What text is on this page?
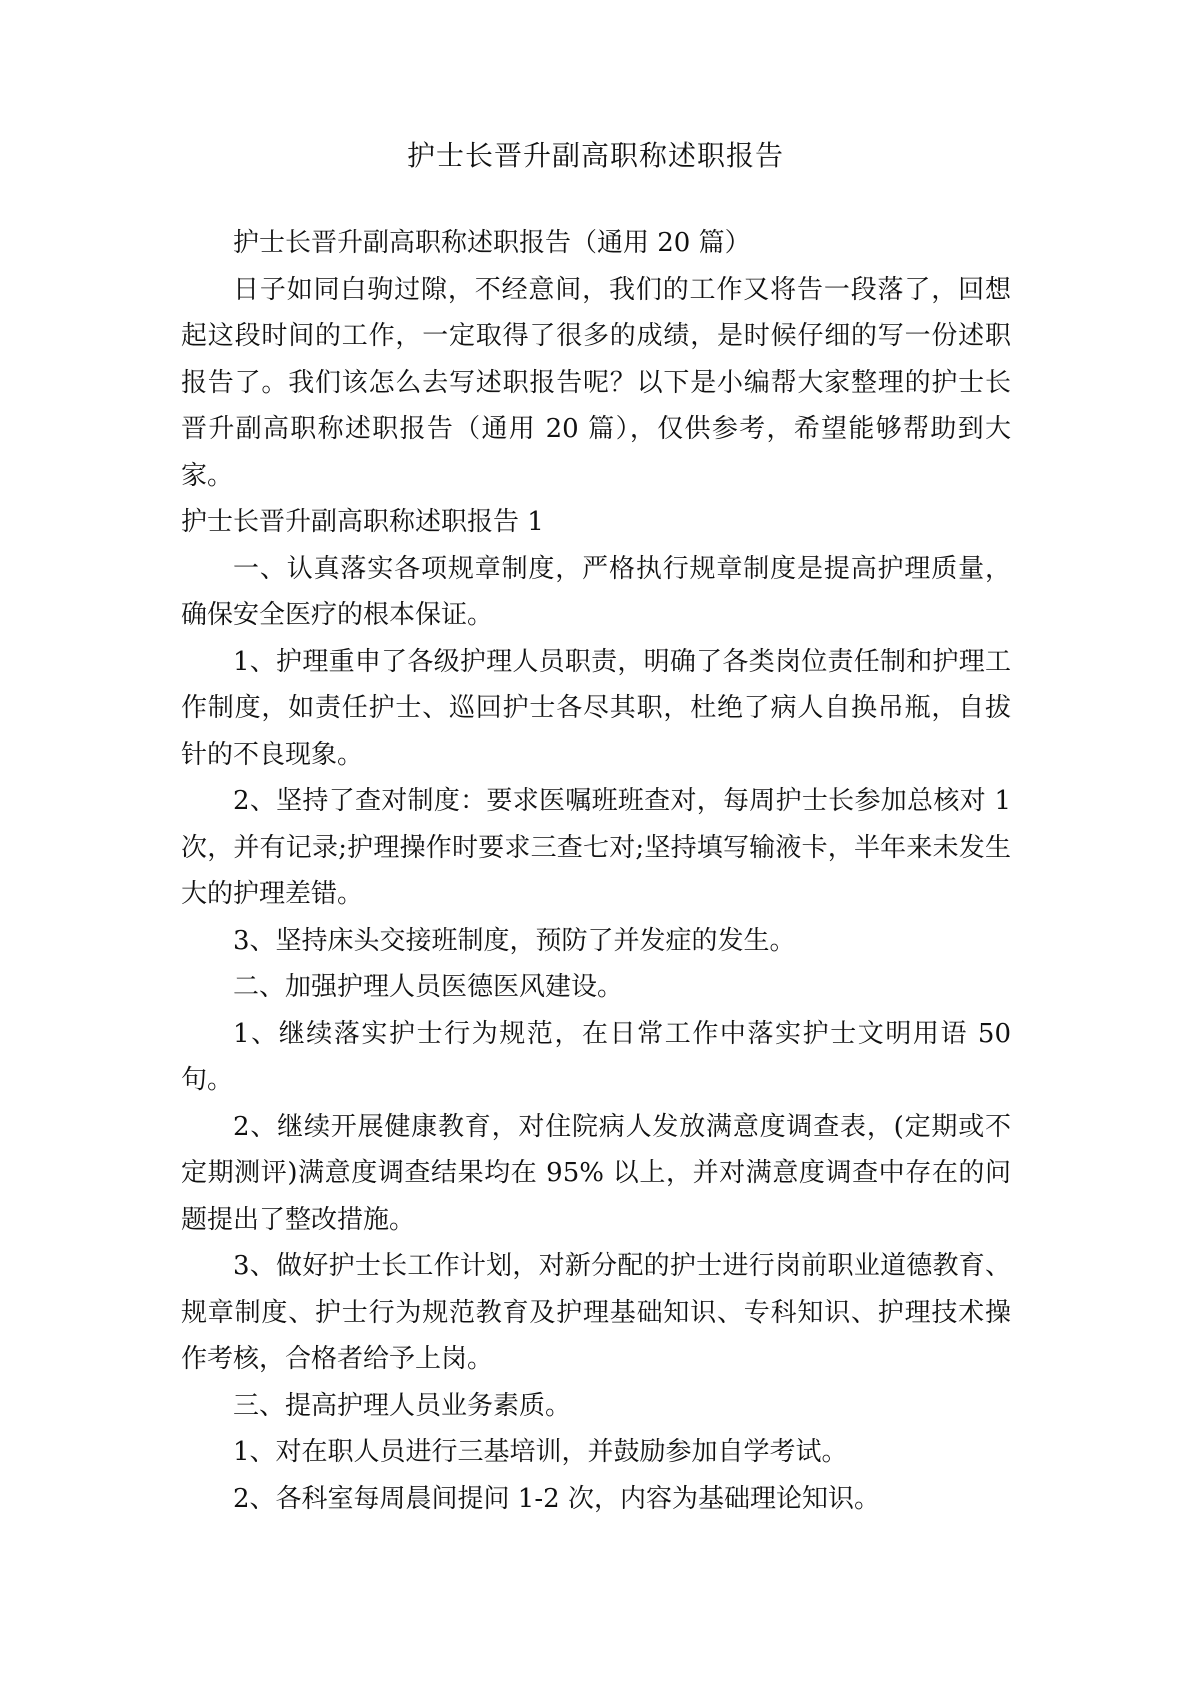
护士长晋升副高职称述职报告

护士长晋升副高职称述职报告（通用 20 篇）

日子如同白驹过隙，不经意间，我们的工作又将告一段落了，回想起这段时间的工作，一定取得了很多的成绩，是时候仔细的写一份述职报告了。我们该怎么去写述职报告呢？以下是小编帮大家整理的护士长晋升副高职称述职报告（通用 20 篇），仅供参考，希望能够帮助到大家。

护士长晋升副高职称述职报告 1

一、认真落实各项规章制度，严格执行规章制度是提高护理质量，确保安全医疗的根本保证。

1、护理重申了各级护理人员职责，明确了各类岗位责任制和护理工作制度，如责任护士、巡回护士各尽其职，杜绝了病人自换吊瓶，自拔针的不良现象。

2、坚持了查对制度：要求医嘱班班查对，每周护士长参加总核对 1 次，并有记录;护理操作时要求三查七对;坚持填写输液卡，半年来未发生大的护理差错。

3、坚持床头交接班制度，预防了并发症的发生。

二、加强护理人员医德医风建设。

1、继续落实护士行为规范，在日常工作中落实护士文明用语 50 句。

2、继续开展健康教育，对住院病人发放满意度调查表，(定期或不定期测评)满意度调查结果均在 95% 以上，并对满意度调查中存在的问题提出了整改措施。

3、做好护士长工作计划，对新分配的护士进行岗前职业道德教育、规章制度、护士行为规范教育及护理基础知识、专科知识、护理技术操作考核，合格者给予上岗。

三、提高护理人员业务素质。

1、对在职人员进行三基培训，并鼓励参加自学考试。

2、各科室每周晨间提问 1-2 次，内容为基础理论知识。
